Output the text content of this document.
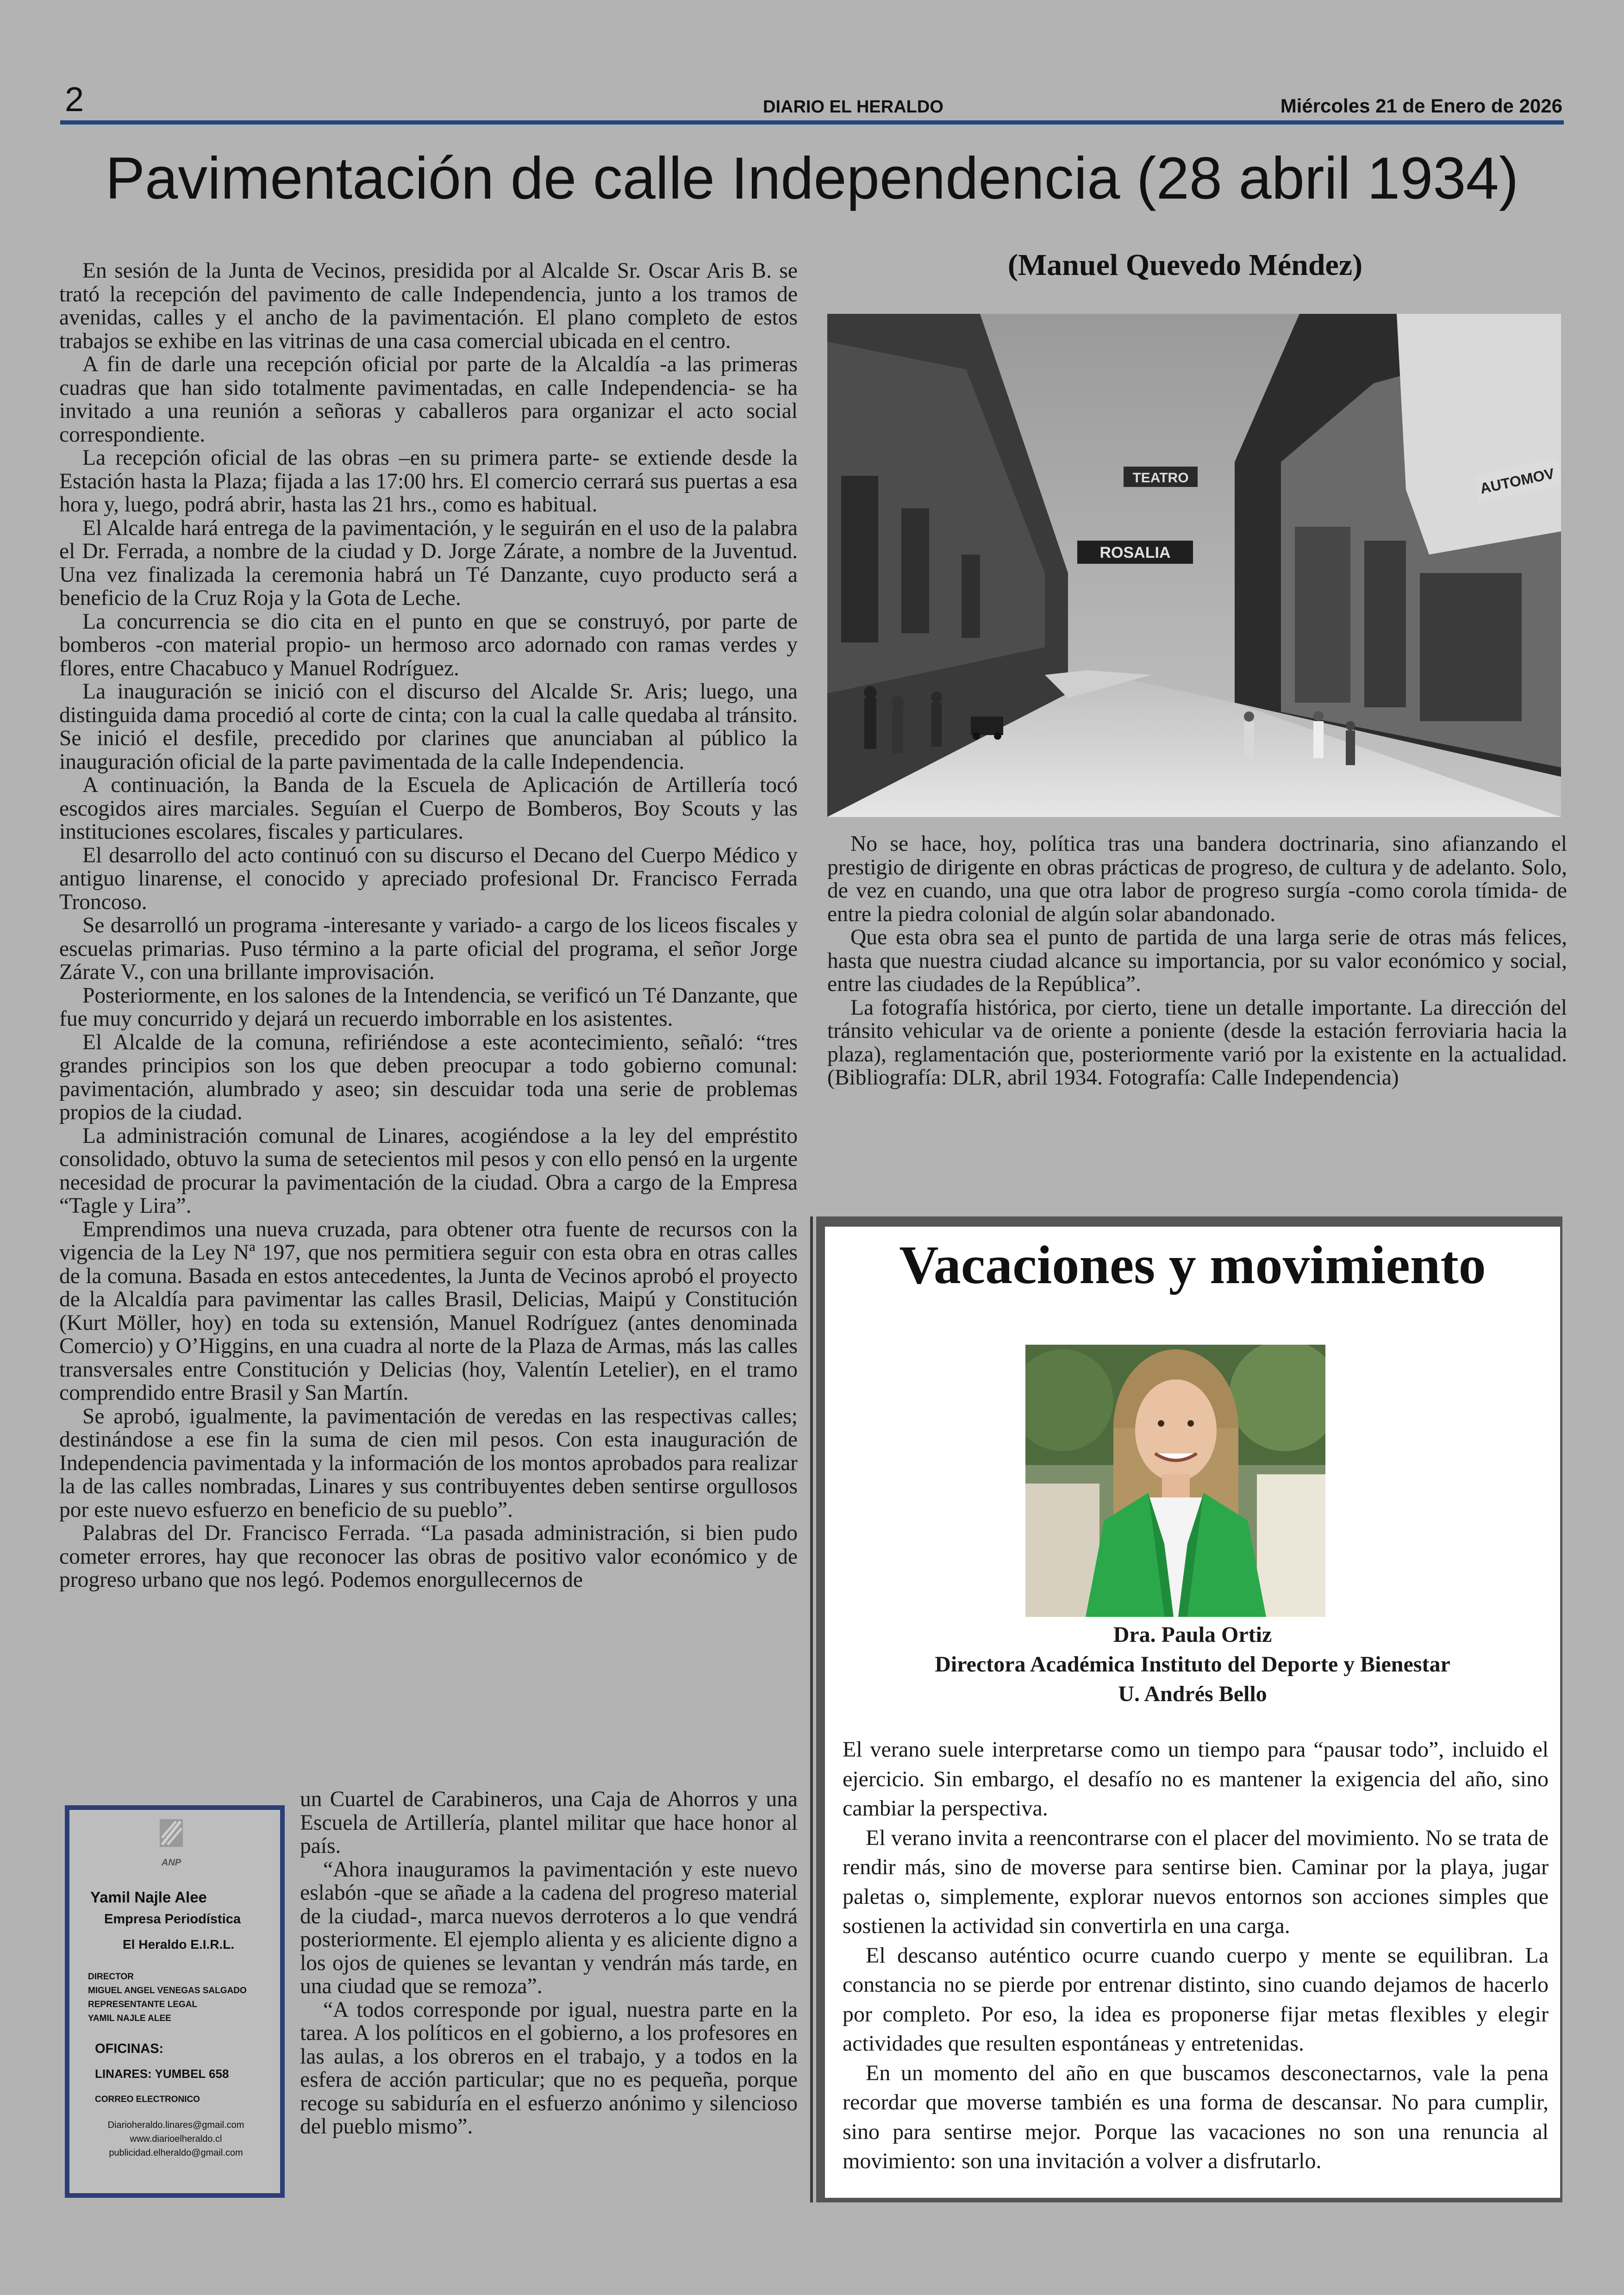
2	DIARIO EL HERALDO	Miércoles 21 de Enero de 2026
Pavimentación de calle Independencia (28 abril 1934)
(Manuel Quevedo Méndez)

En sesión de la Junta de Vecinos, presidida por al Alcalde Sr. Oscar Aris B. se trató la recepción del pavimento de calle Independencia, junto a los tramos de avenidas, calles y el ancho de la pavimentación. El plano completo de estos trabajos se exhibe en las vitrinas de una casa comercial ubicada en el centro.

A fin de darle una recepción oficial por parte de la Alcaldía -a las primeras cuadras que han sido totalmente pavimentadas, en calle Independencia- se ha invitado a una reunión a señoras y caballeros para organizar el acto social correspondiente.

La recepción oficial de las obras –en su primera parte- se extiende desde la Estación hasta la Plaza; fijada a las 17:00 hrs. El comercio cerrará sus puertas a esa hora y, luego, podrá abrir, hasta las 21 hrs., como es habitual.

El Alcalde hará entrega de la pavimentación, y le seguirán en el uso de la palabra el Dr. Ferrada, a nombre de la ciudad y D. Jorge Zárate, a nombre de la Juventud. Una vez finalizada la ceremonia habrá un Té Danzante, cuyo producto será a beneficio de la Cruz Roja y la Gota de Leche.

La concurrencia se dio cita en el punto en que se construyó, por parte de bomberos -con material propio- un hermoso arco adornado con ramas verdes y flores, entre Chacabuco y Manuel Rodríguez.

La inauguración se inició con el discurso del Alcalde Sr. Aris; luego, una distinguida dama procedió al corte de cinta; con la cual la calle quedaba al tránsito. Se inició el desfile, precedido por clarines que anunciaban al público la inauguración oficial de la parte pavimentada de la calle Independencia.

A continuación, la Banda de la Escuela de Aplicación de Artillería tocó escogidos aires marciales. Seguían el Cuerpo de Bomberos, Boy Scouts y las instituciones escolares, fiscales y particulares.

El desarrollo del acto continuó con su discurso el Decano del Cuerpo Médico y antiguo linarense, el conocido y apreciado profesional Dr. Francisco Ferrada Troncoso.

Se desarrolló un programa -interesante y variado- a cargo de los liceos fiscales y escuelas primarias. Puso término a la parte oficial del programa, el señor Jorge Zárate V., con una brillante improvisación.

Posteriormente, en los salones de la Intendencia, se verificó un Té Danzante, que fue muy concurrido y dejará un recuerdo imborrable en los asistentes.

El Alcalde de la comuna, refiriéndose a este acontecimiento, señaló: “tres grandes principios son los que deben preocupar a todo gobierno comunal: pavimentación, alumbrado y aseo; sin descuidar toda una serie de problemas propios de la ciudad.

La administración comunal de Linares, acogiéndose a la ley del empréstito consolidado, obtuvo la suma de setecientos mil pesos y con ello pensó en la urgente necesidad de procurar la pavimentación de la ciudad. Obra a cargo de la Empresa “Tagle y Lira”.

Emprendimos una nueva cruzada, para obtener otra fuente de recursos con la vigencia de la Ley Nª 197, que nos permitiera seguir con esta obra en otras calles de la comuna. Basada en estos antecedentes, la Junta de Vecinos aprobó el proyecto de la Alcaldía para pavimentar las calles Brasil, Delicias, Maipú y Constitución (Kurt Möller, hoy) en toda su extensión, Manuel Rodríguez (antes denominada Comercio) y O’Higgins, en una cuadra al norte de la Plaza de Armas, más las calles transversales entre Constitución y Delicias (hoy, Valentín Letelier), en el tramo comprendido entre Brasil y San Martín.

Se aprobó, igualmente, la pavimentación de veredas en las respectivas calles; destinándose a ese fin la suma de cien mil pesos. Con esta inauguración de Independencia pavimentada y la información de los montos aprobados para realizar la de las calles nombradas, Linares y sus contribuyentes deben sentirse orgullosos por este nuevo esfuerzo en beneficio de su pueblo”.

Palabras del Dr. Francisco Ferrada. “La pasada administración, si bien pudo cometer errores, hay que reconocer las obras de positivo valor económico y de progreso urbano que nos legó. Podemos enorgullecernos de

un Cuartel de Carabineros, una Caja de Ahorros y una Escuela de Artillería, plantel militar que hace honor al país.

“Ahora inauguramos la pavimentación y este nuevo eslabón -que se añade a la cadena del progreso material de la ciudad-, marca nuevos derroteros a lo que vendrá posteriormente. El ejemplo alienta y es aliciente digno a los ojos de quienes se levantan y vendrán más tarde, en una ciudad que se remoza”.

“A todos corresponde por igual, nuestra parte en la tarea. A los políticos en el gobierno, a los profesores en las aulas, a los obreros en el trabajo, y a todos en la esfera de acción particular; que no es pequeña, porque recoge su sabiduría en el esfuerzo anónimo y silencioso del pueblo mismo”.

TEATRO
ROSALIA
AUTOMOV

No se hace, hoy, política tras una bandera doctrinaria, sino afianzando el prestigio de dirigente en obras prácticas de progreso, de cultura y de adelanto. Solo, de vez en cuando, una que otra labor de progreso surgía -como corola tímida- de entre la piedra colonial de algún solar abandonado.

Que esta obra sea el punto de partida de una larga serie de otras más felices, hasta que nuestra ciudad alcance su importancia, por su valor económico y social, entre las ciudades de la República”.

La fotografía histórica, por cierto, tiene un detalle importante. La dirección del tránsito vehicular va de oriente a poniente (desde la estación ferroviaria hacia la plaza), reglamentación que, posteriormente varió por la existente en la actualidad. (Bibliografía: DLR, abril 1934. Fotografía: Calle Independencia)

ANP
Yamil Najle Alee
Empresa Periodística
El Heraldo E.I.R.L.
DIRECTOR
MIGUEL ANGEL VENEGAS SALGADO
REPRESENTANTE LEGAL
YAMIL NAJLE ALEE
OFICINAS:
LINARES: YUMBEL 658
CORREO ELECTRONICO
Diarioheraldo.linares@gmail.com
www.diarioelheraldo.cl
publicidad.elheraldo@gmail.com
Vacaciones y movimiento
Dra. Paula Ortiz
Directora Académica Instituto del Deporte y Bienestar
U. Andrés Bello

El verano suele interpretarse como un tiempo para “pausar todo”, incluido el ejercicio. Sin embargo, el desafío no es mantener la exigencia del año, sino cambiar la perspectiva.

El verano invita a reencontrarse con el placer del movimiento. No se trata de rendir más, sino de moverse para sentirse bien. Caminar por la playa, jugar paletas o, simplemente, explorar nuevos entornos son acciones simples que sostienen la actividad sin convertirla en una carga.

El descanso auténtico ocurre cuando cuerpo y mente se equilibran. La constancia no se pierde por entrenar distinto, sino cuando dejamos de hacerlo por completo. Por eso, la idea es proponerse fijar metas flexibles y elegir actividades que resulten espontáneas y entretenidas.

En un momento del año en que buscamos desconectarnos, vale la pena recordar que moverse también es una forma de descansar. No para cumplir, sino para sentirse mejor. Porque las vacaciones no son una renuncia al movimiento: son una invitación a volver a disfrutarlo.
